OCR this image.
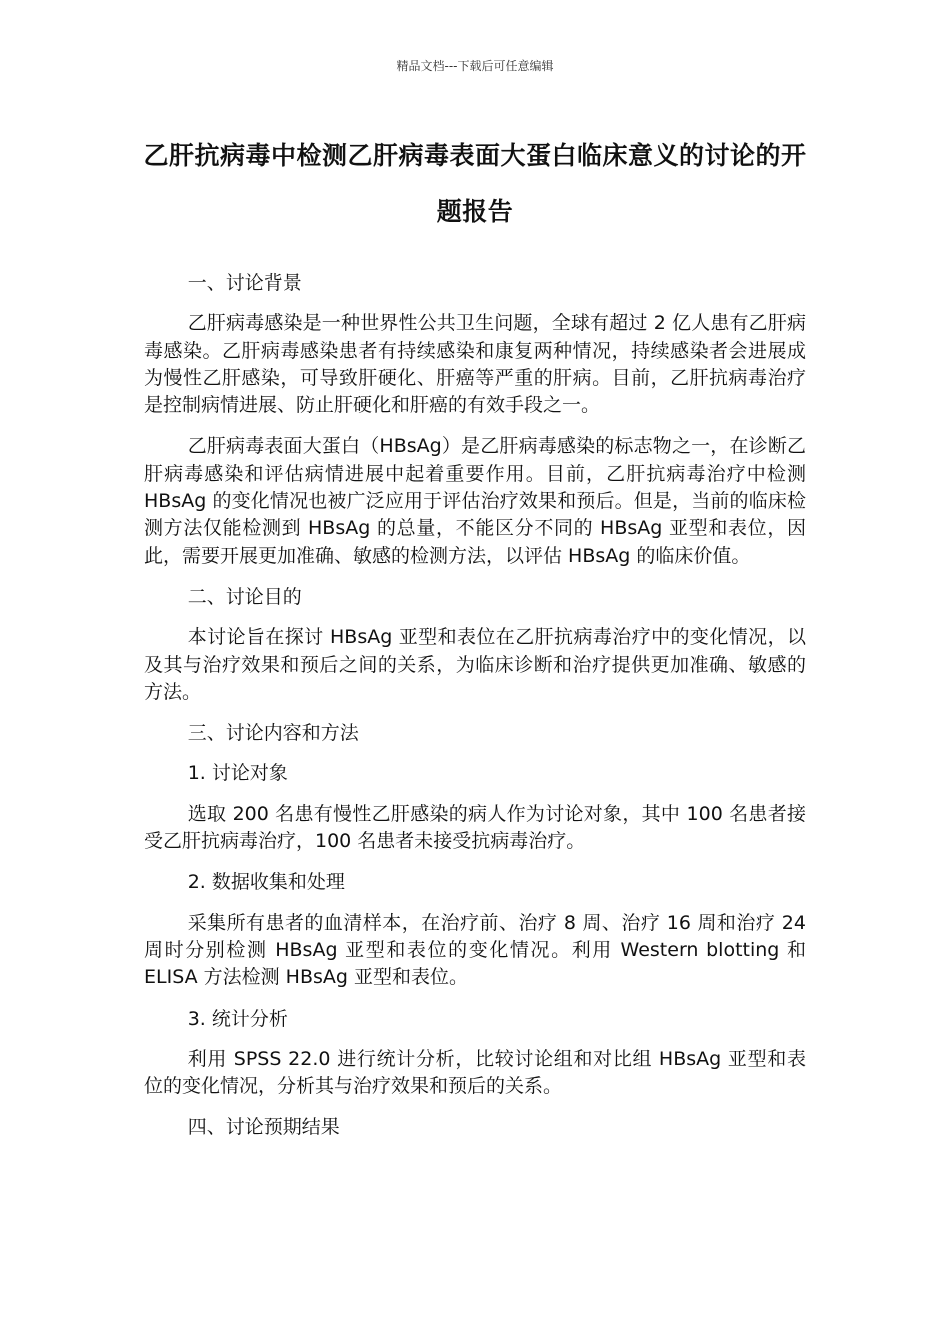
精品文档---下载后可任意编辑
乙肝抗病毒中检测乙肝病毒表面大蛋白临床意义的讨论的开题报告

一、讨论背景

乙肝病毒感染是一种世界性公共卫生问题，全球有超过 2 亿人患有乙肝病毒感染。乙肝病毒感染患者有持续感染和康复两种情况，持续感染者会进展成为慢性乙肝感染，可导致肝硬化、肝癌等严重的肝病。目前，乙肝抗病毒治疗是控制病情进展、防止肝硬化和肝癌的有效手段之一。

乙肝病毒表面大蛋白（HBsAg）是乙肝病毒感染的标志物之一，在诊断乙肝病毒感染和评估病情进展中起着重要作用。目前，乙肝抗病毒治疗中检测 HBsAg 的变化情况也被广泛应用于评估治疗效果和预后。但是，当前的临床检测方法仅能检测到 HBsAg 的总量，不能区分不同的 HBsAg 亚型和表位，因此，需要开展更加准确、敏感的检测方法，以评估 HBsAg 的临床价值。

二、讨论目的

本讨论旨在探讨 HBsAg 亚型和表位在乙肝抗病毒治疗中的变化情况，以及其与治疗效果和预后之间的关系，为临床诊断和治疗提供更加准确、敏感的方法。

三、讨论内容和方法

1. 讨论对象

选取 200 名患有慢性乙肝感染的病人作为讨论对象，其中 100 名患者接受乙肝抗病毒治疗，100 名患者未接受抗病毒治疗。

2. 数据收集和处理

采集所有患者的血清样本，在治疗前、治疗 8 周、治疗 16 周和治疗 24 周时分别检测 HBsAg 亚型和表位的变化情况。利用 Western blotting 和 ELISA 方法检测 HBsAg 亚型和表位。

3. 统计分析

利用 SPSS 22.0 进行统计分析，比较讨论组和对比组 HBsAg 亚型和表位的变化情况，分析其与治疗效果和预后的关系。

四、讨论预期结果
